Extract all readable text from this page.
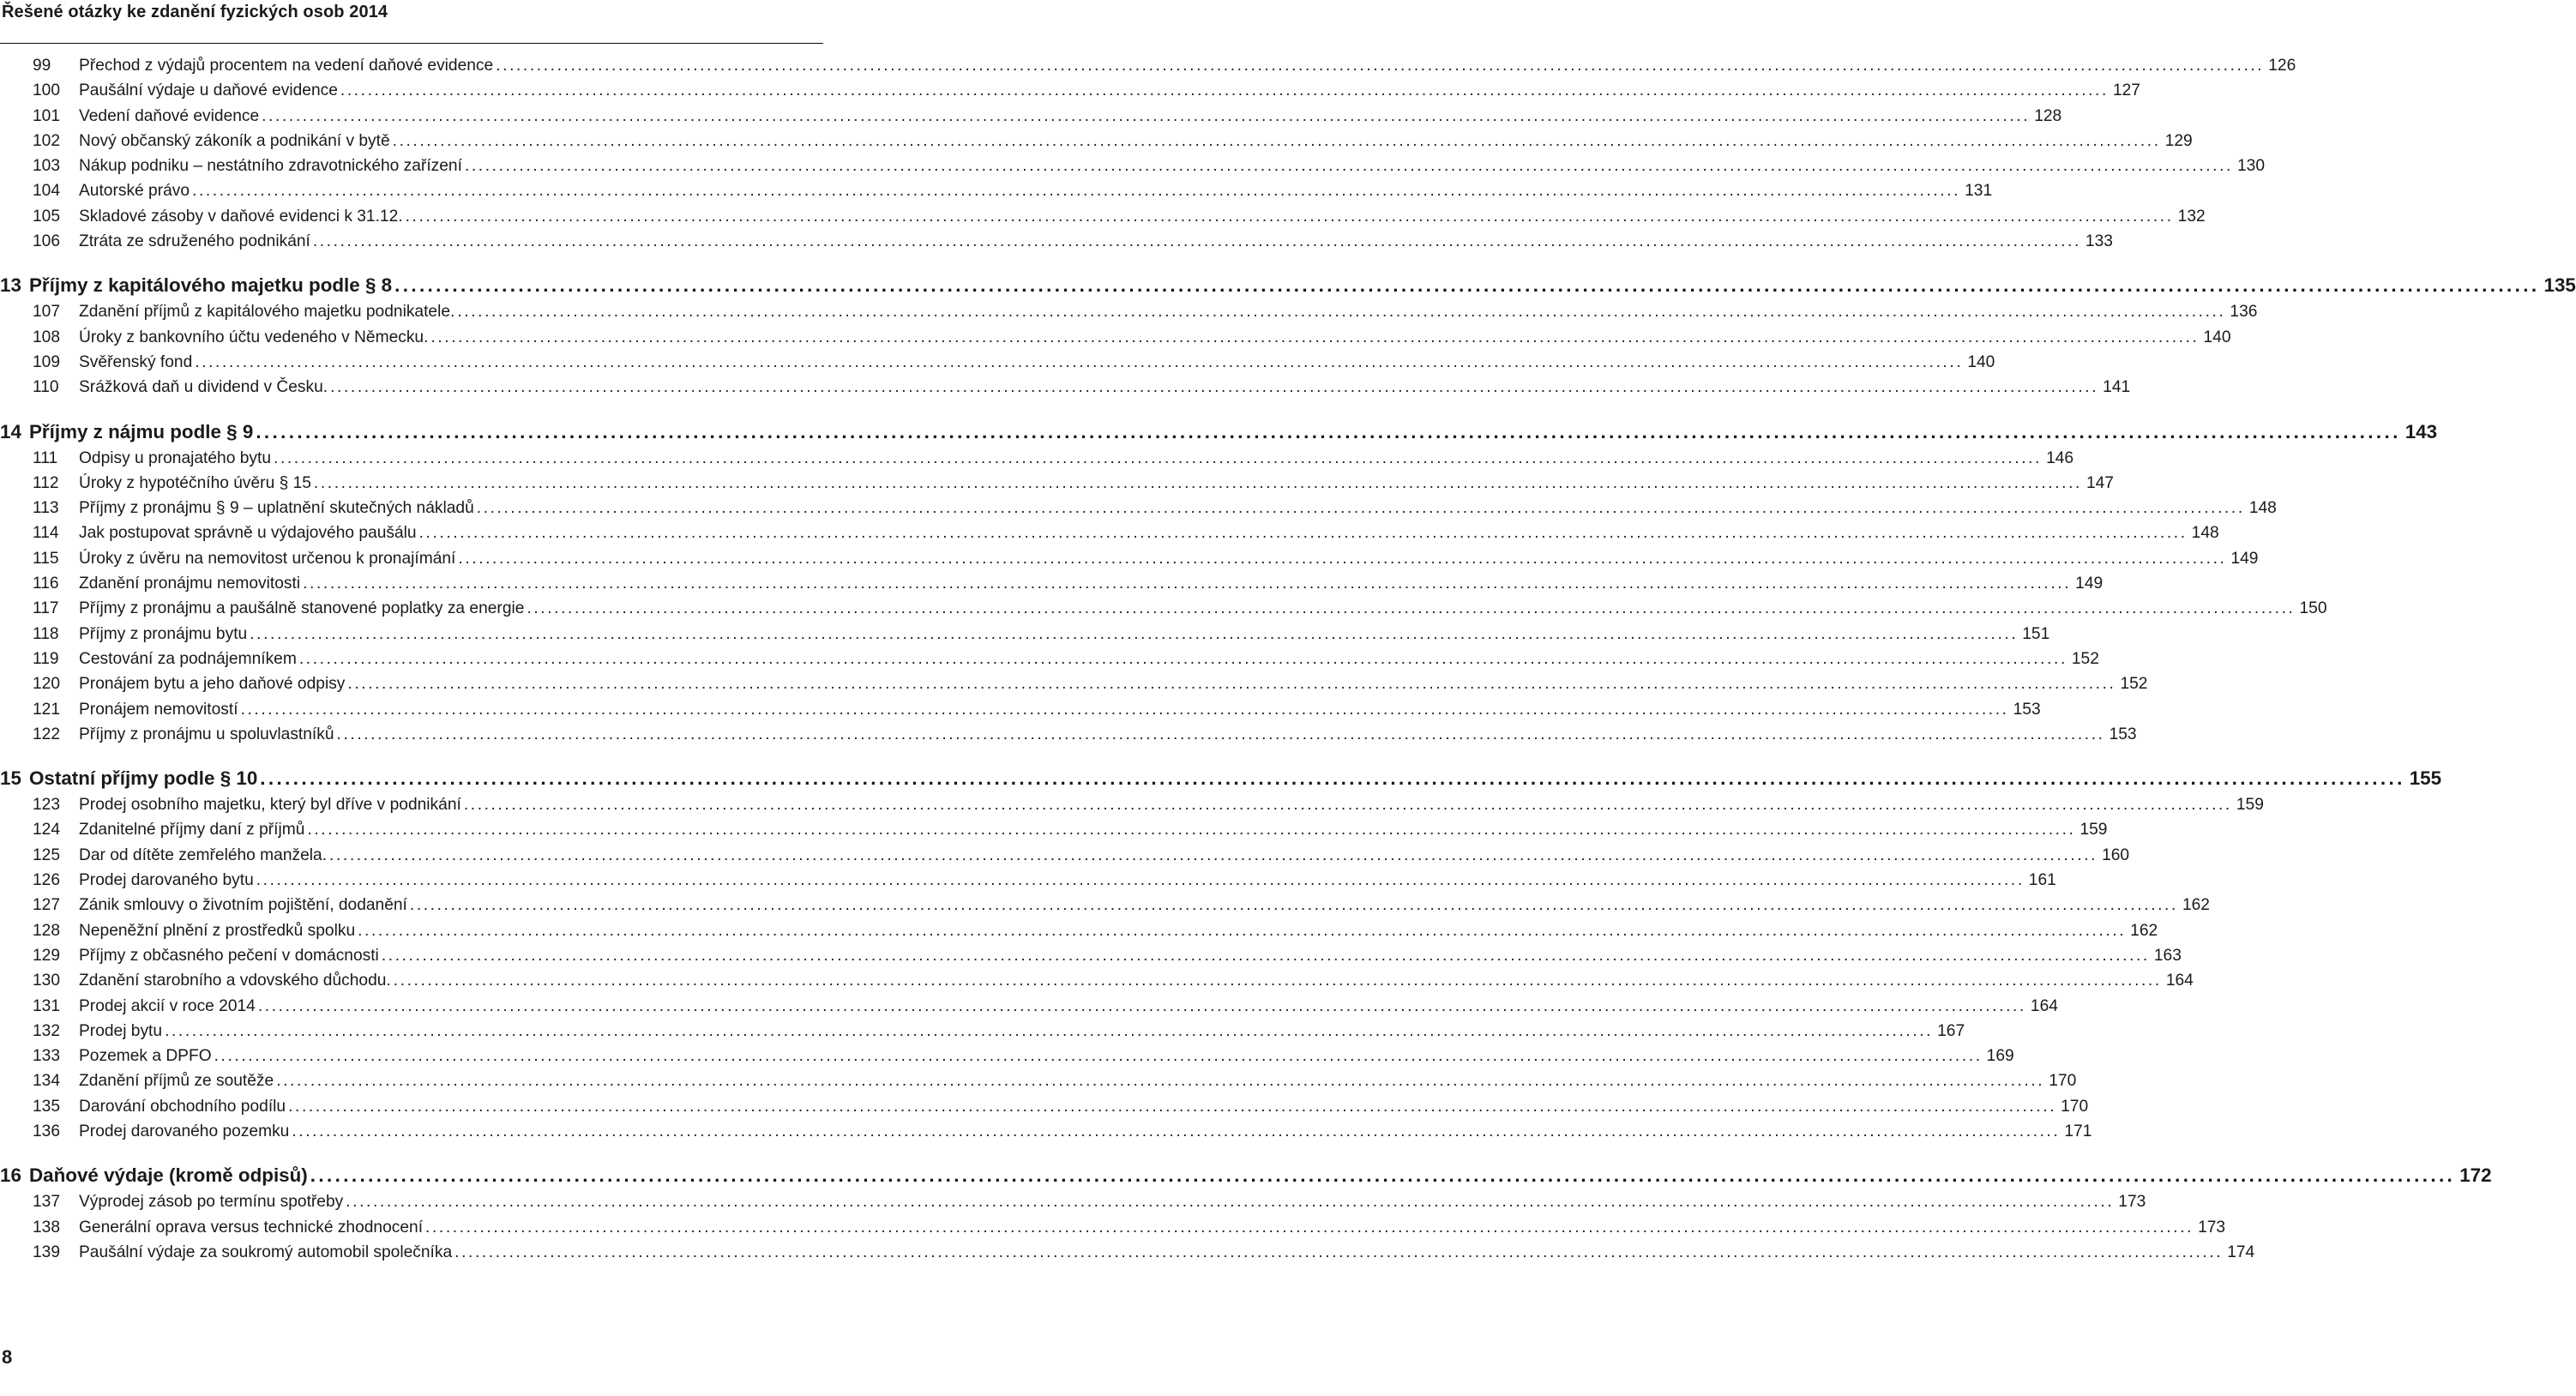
Řešené otázky ke zdanění fyzických osob 2014
99	Přechod z výdajů procentem na vedení daňové evidence .................................................................................................................................................................................................................................................................... 126
100	Paušální výdaje u daňové evidence .................................................................................................................................................................................................................................................................... 127
101	Vedení daňové evidence .................................................................................................................................................................................................................................................................... 128
102	Nový občanský zákoník a podnikání v bytě .................................................................................................................................................................................................................................................................... 129
103	Nákup podniku – nestátního zdravotnického zařízení .................................................................................................................................................................................................................................................................... 130
104	Autorské právo .................................................................................................................................................................................................................................................................... 131
105	Skladové zásoby v daňové evidenci k 31.12. .................................................................................................................................................................................................................................................................... 132
106	Ztráta ze sdruženého podnikání .................................................................................................................................................................................................................................................................... 133
13 Příjmy z kapitálového majetku podle § 8 .................................................................................................................................................................................................................................................................... 135
107	Zdanění příjmů z kapitálového majetku podnikatele. .................................................................................................................................................................................................................................................................... 136
108	Úroky z bankovního účtu vedeného v Německu. .................................................................................................................................................................................................................................................................... 140
109	Svěřenský fond .................................................................................................................................................................................................................................................................... 140
110	Srážková daň u dividend v Česku. .................................................................................................................................................................................................................................................................... 141
14 Příjmy z nájmu podle § 9 .................................................................................................................................................................................................................................................................... 143
111	Odpisy u pronajatého bytu .................................................................................................................................................................................................................................................................... 146
112	Úroky z hypotéčního úvěru § 15 .................................................................................................................................................................................................................................................................... 147
113	Příjmy z pronájmu § 9 – uplatnění skutečných nákladů .................................................................................................................................................................................................................................................................... 148
114	Jak postupovat správně u výdajového paušálu .................................................................................................................................................................................................................................................................... 148
115	Úroky z úvěru na nemovitost určenou k pronajímání .................................................................................................................................................................................................................................................................... 149
116	Zdanění pronájmu nemovitosti .................................................................................................................................................................................................................................................................... 149
117	Příjmy z pronájmu a paušálně stanovené poplatky za energie .................................................................................................................................................................................................................................................................... 150
118	Příjmy z pronájmu bytu .................................................................................................................................................................................................................................................................... 151
119	Cestování za podnájemníkem .................................................................................................................................................................................................................................................................... 152
120	Pronájem bytu a jeho daňové odpisy .................................................................................................................................................................................................................................................................... 152
121	Pronájem nemovitostí .................................................................................................................................................................................................................................................................... 153
122	Příjmy z pronájmu u spoluvlastníků .................................................................................................................................................................................................................................................................... 153
15 Ostatní příjmy podle § 10 .................................................................................................................................................................................................................................................................... 155
123	Prodej osobního majetku, který byl dříve v podnikání .................................................................................................................................................................................................................................................................... 159
124	Zdanitelné příjmy daní z příjmů .................................................................................................................................................................................................................................................................... 159
125	Dar od dítěte zemřelého manžela. .................................................................................................................................................................................................................................................................... 160
126	Prodej darovaného bytu .................................................................................................................................................................................................................................................................... 161
127	Zánik smlouvy o životním pojištění, dodanění .................................................................................................................................................................................................................................................................... 162
128	Nepeněžní plnění z prostředků spolku .................................................................................................................................................................................................................................................................... 162
129	Příjmy z občasného pečení v domácnosti .................................................................................................................................................................................................................................................................... 163
130	Zdanění starobního a vdovského důchodu. .................................................................................................................................................................................................................................................................... 164
131	Prodej akcií v roce 2014 .................................................................................................................................................................................................................................................................... 164
132	Prodej bytu .................................................................................................................................................................................................................................................................... 167
133	Pozemek a DPFO .................................................................................................................................................................................................................................................................... 169
134	Zdanění příjmů ze soutěže .................................................................................................................................................................................................................................................................... 170
135	Darování obchodního podílu .................................................................................................................................................................................................................................................................... 170
136	Prodej darovaného pozemku .................................................................................................................................................................................................................................................................... 171
16 Daňové výdaje (kromě odpisů) .................................................................................................................................................................................................................................................................... 172
137	Výprodej zásob po termínu spotřeby .................................................................................................................................................................................................................................................................... 173
138	Generální oprava versus technické zhodnocení .................................................................................................................................................................................................................................................................... 173
139	Paušální výdaje za soukromý automobil společníka .................................................................................................................................................................................................................................................................... 174
8
